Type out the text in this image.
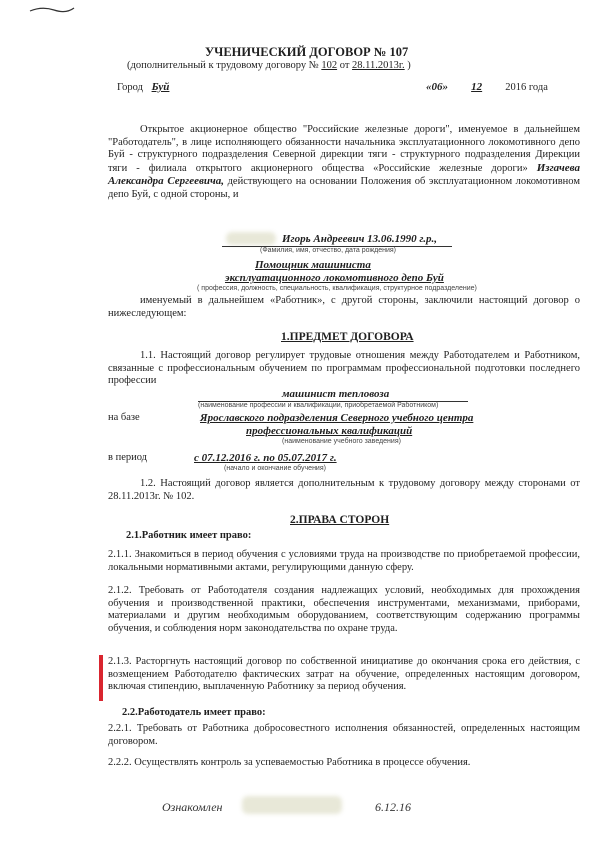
УЧЕНИЧЕСКИЙ ДОГОВОР № 107
(дополнительный к трудовому договору № 102 от 28.11.2013г. )
Город Буй	«06» 12 2016 года
Открытое акционерное общество "Российские железные дороги", именуемое в дальнейшем "Работодатель", в лице исполняющего обязанности начальника эксплуатационного локомотивного депо Буй - структурного подразделения Северной дирекции тяги - структурного подразделения Дирекции тяги - филиала открытого акционерного общества «Российские железные дороги» Изгачева Александра Сергеевича, действующего на основании Положения об эксплуатационном локомотивном депо Буй, с одной стороны, и
Игорь Андреевич 13.06.1990 г.р.,
(Фамилия, имя, отчество, дата рождения)
Помощник машиниста
эксплуатационного локомотивного депо Буй
( профессия, должность, специальность, квалификация, структурное подразделение)
именуемый в дальнейшем «Работник», с другой стороны, заключили настоящий договор о нижеследующем:
1.ПРЕДМЕТ ДОГОВОРА
1.1. Настоящий договор регулирует трудовые отношения между Работодателем и Работником, связанные с профессиональным обучением по программам профессиональной подготовки последнего профессии
машинист тепловоза
(наименование профессии и квалификации, приобретаемой Работником)
на базе	Ярославского подразделения Северного учебного центра
профессиональных квалификаций
(наименование учебного заведения)
в период	с 07.12.2016 г. по 05.07.2017 г.
(начало и окончание обучения)
1.2. Настоящий договор является дополнительным к трудовому договору между сторонами от 28.11.2013г. № 102.
2.ПРАВА СТОРОН
2.1.Работник имеет право:
2.1.1. Знакомиться в период обучения с условиями труда на производстве по приобретаемой профессии, локальными нормативными актами, регулирующими данную сферу.
2.1.2. Требовать от Работодателя создания надлежащих условий, необходимых для прохождения обучения и производственной практики, обеспечения инструментами, механизмами, приборами, материалами и другим необходимым оборудованием, соответствующим содержанию программы обучения, и соблюдения норм законодательства по охране труда.
2.1.3. Расторгнуть настоящий договор по собственной инициативе до окончания срока его действия, с возмещением Работодателю фактических затрат на обучение, определенных настоящим договором, включая стипендию, выплаченную Работнику за период обучения.
2.2.Работодатель имеет право:
2.2.1. Требовать от Работника добросовестного исполнения обязанностей, определенных настоящим договором.
2.2.2. Осуществлять контроль за успеваемостью Работника в процессе обучения.
Ознакомлен	6.12.16
